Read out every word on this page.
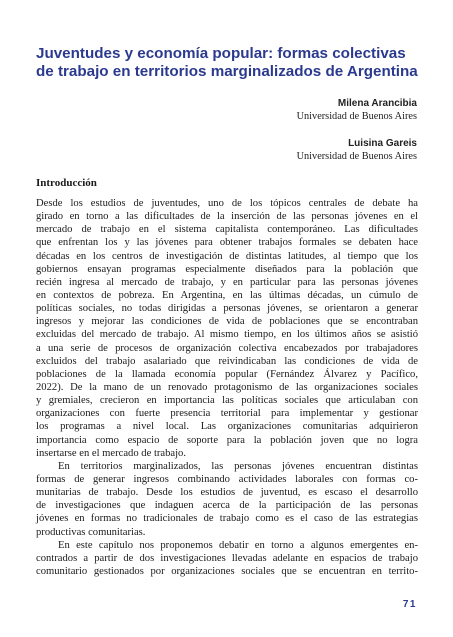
Juventudes y economía popular: formas colectivas
de trabajo en territorios marginalizados de Argentina
Milena Arancibia
Universidad de Buenos Aires
Luisina Gareis
Universidad de Buenos Aires
Introducción
Desde los estudios de juventudes, uno de los tópicos centrales de debate ha
girado en torno a las dificultades de la inserción de las personas jóvenes en el
mercado de trabajo en el sistema capitalista contemporáneo. Las dificultades
que enfrentan los y las jóvenes para obtener trabajos formales se debaten hace
décadas en los centros de investigación de distintas latitudes, al tiempo que los
gobiernos ensayan programas especialmente diseñados para la población que
recién ingresa al mercado de trabajo, y en particular para las personas jóvenes
en contextos de pobreza. En Argentina, en las últimas décadas, un cúmulo de
políticas sociales, no todas dirigidas a personas jóvenes, se orientaron a generar
ingresos y mejorar las condiciones de vida de poblaciones que se encontraban
excluidas del mercado de trabajo. Al mismo tiempo, en los últimos años se asistió
a una serie de procesos de organización colectiva encabezados por trabajadores
excluidos del trabajo asalariado que reivindicaban las condiciones de vida de
poblaciones de la llamada economía popular (Fernández Álvarez y Pacífico,
2022). De la mano de un renovado protagonismo de las organizaciones sociales
y gremiales, crecieron en importancia las políticas sociales que articulaban con
organizaciones con fuerte presencia territorial para implementar y gestionar
los programas a nivel local. Las organizaciones comunitarias adquirieron
importancia como espacio de soporte para la población joven que no logra
insertarse en el mercado de trabajo.
En territorios marginalizados, las personas jóvenes encuentran distintas
formas de generar ingresos combinando actividades laborales con formas co-
munitarias de trabajo. Desde los estudios de juventud, es escaso el desarrollo
de investigaciones que indaguen acerca de la participación de las personas
jóvenes en formas no tradicionales de trabajo como es el caso de las estrategias
productivas comunitarias.
En este capítulo nos proponemos debatir en torno a algunos emergentes en-
contrados a partir de dos investigaciones llevadas adelante en espacios de trabajo
comunitario gestionados por organizaciones sociales que se encuentran en territo-
71
